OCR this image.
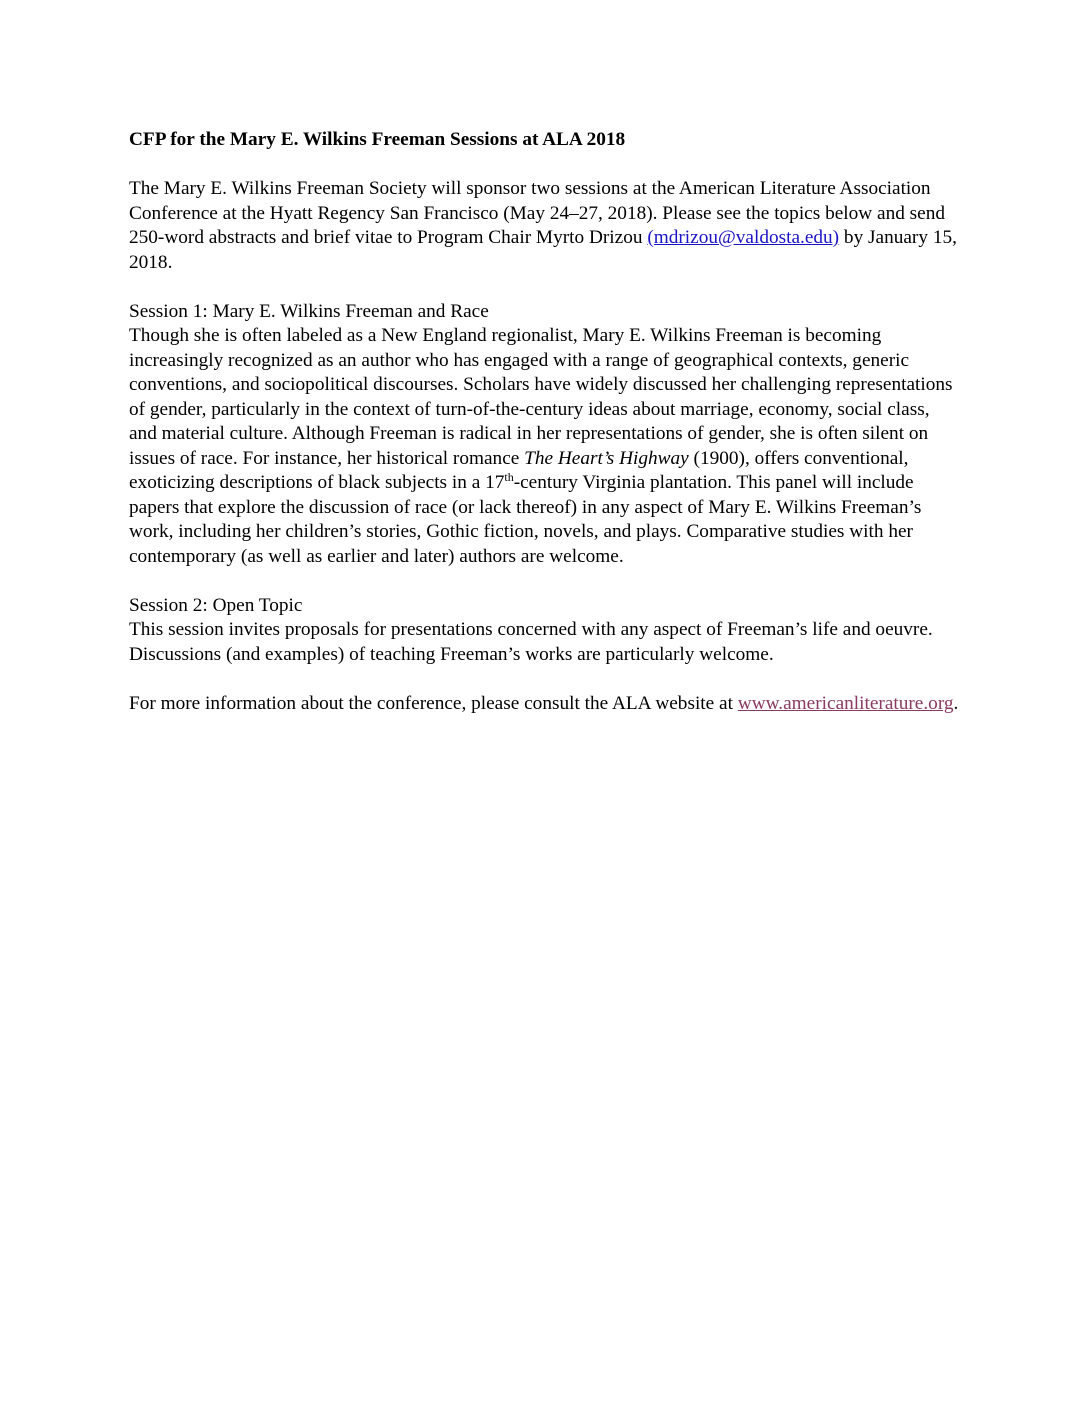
CFP for the Mary E. Wilkins Freeman Sessions at ALA 2018

The Mary E. Wilkins Freeman Society will sponsor two sessions at the American Literature Association Conference at the Hyatt Regency San Francisco (May 24–27, 2018). Please see the topics below and send 250-word abstracts and brief vitae to Program Chair Myrto Drizou (mdrizou@valdosta.edu) by January 15, 2018.

Session 1: Mary E. Wilkins Freeman and Race
Though she is often labeled as a New England regionalist, Mary E. Wilkins Freeman is becoming increasingly recognized as an author who has engaged with a range of geographical contexts, generic conventions, and sociopolitical discourses. Scholars have widely discussed her challenging representations of gender, particularly in the context of turn-of-the-century ideas about marriage, economy, social class, and material culture. Although Freeman is radical in her representations of gender, she is often silent on issues of race. For instance, her historical romance The Heart’s Highway (1900), offers conventional, exoticizing descriptions of black subjects in a 17th-century Virginia plantation. This panel will include papers that explore the discussion of race (or lack thereof) in any aspect of Mary E. Wilkins Freeman’s work, including her children’s stories, Gothic fiction, novels, and plays. Comparative studies with her contemporary (as well as earlier and later) authors are welcome.

Session 2: Open Topic
This session invites proposals for presentations concerned with any aspect of Freeman’s life and oeuvre. Discussions (and examples) of teaching Freeman’s works are particularly welcome.

For more information about the conference, please consult the ALA website at www.americanliterature.org.
